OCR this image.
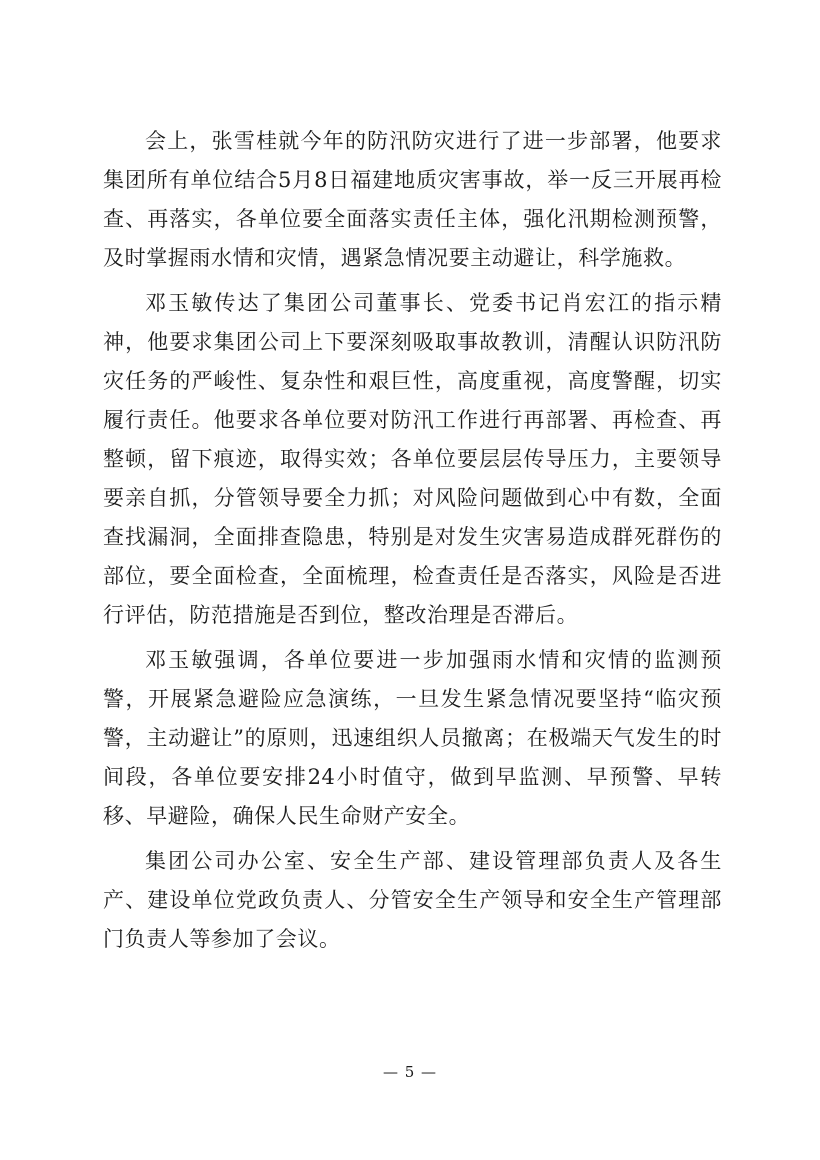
会上，张雪桂就今年的防汛防灾进行了进一步部署，他要求集团所有单位结合5月8日福建地质灾害事故，举一反三开展再检查、再落实，各单位要全面落实责任主体，强化汛期检测预警，及时掌握雨水情和灾情，遇紧急情况要主动避让，科学施救。

邓玉敏传达了集团公司董事长、党委书记肖宏江的指示精神，他要求集团公司上下要深刻吸取事故教训，清醒认识防汛防灾任务的严峻性、复杂性和艰巨性，高度重视，高度警醒，切实履行责任。他要求各单位要对防汛工作进行再部署、再检查、再整顿，留下痕迹，取得实效；各单位要层层传导压力，主要领导要亲自抓，分管领导要全力抓；对风险问题做到心中有数，全面查找漏洞，全面排查隐患，特别是对发生灾害易造成群死群伤的部位，要全面检查，全面梳理，检查责任是否落实，风险是否进行评估，防范措施是否到位，整改治理是否滞后。

邓玉敏强调，各单位要进一步加强雨水情和灾情的监测预警，开展紧急避险应急演练，一旦发生紧急情况要坚持“临灾预警，主动避让”的原则，迅速组织人员撤离；在极端天气发生的时间段，各单位要安排24小时值守，做到早监测、早预警、早转移、早避险，确保人民生命财产安全。

集团公司办公室、安全生产部、建设管理部负责人及各生产、建设单位党政负责人、分管安全生产领导和安全生产管理部门负责人等参加了会议。

— 5 —
